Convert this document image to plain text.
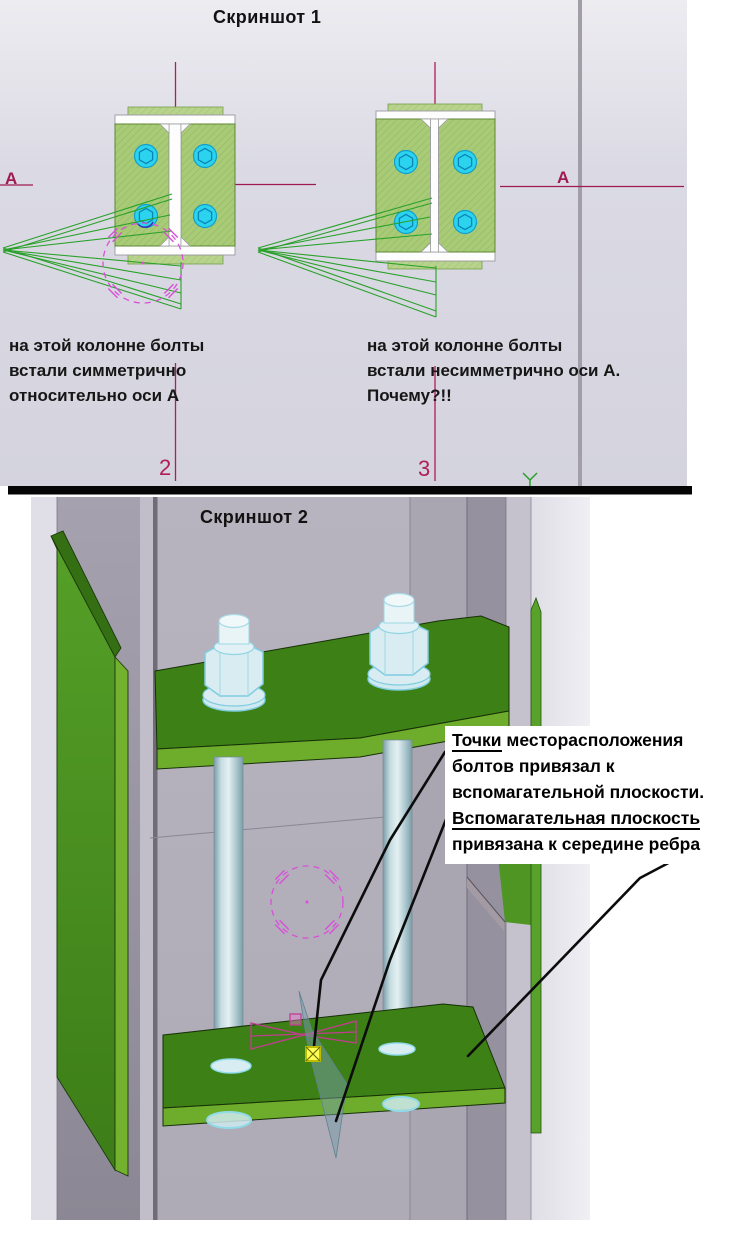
Скриншот 1
Скриншот 2
А	А
2	3
на этой колонне болты
встали симметрично
относительно оси А
на этой колонне болты
встали несимметрично оси А.
Почему?!!
Точки месторасположения
болтов привязал к
вспомагательной плоскости.
Вспомагательная плоскость
привязана к середине ребра
